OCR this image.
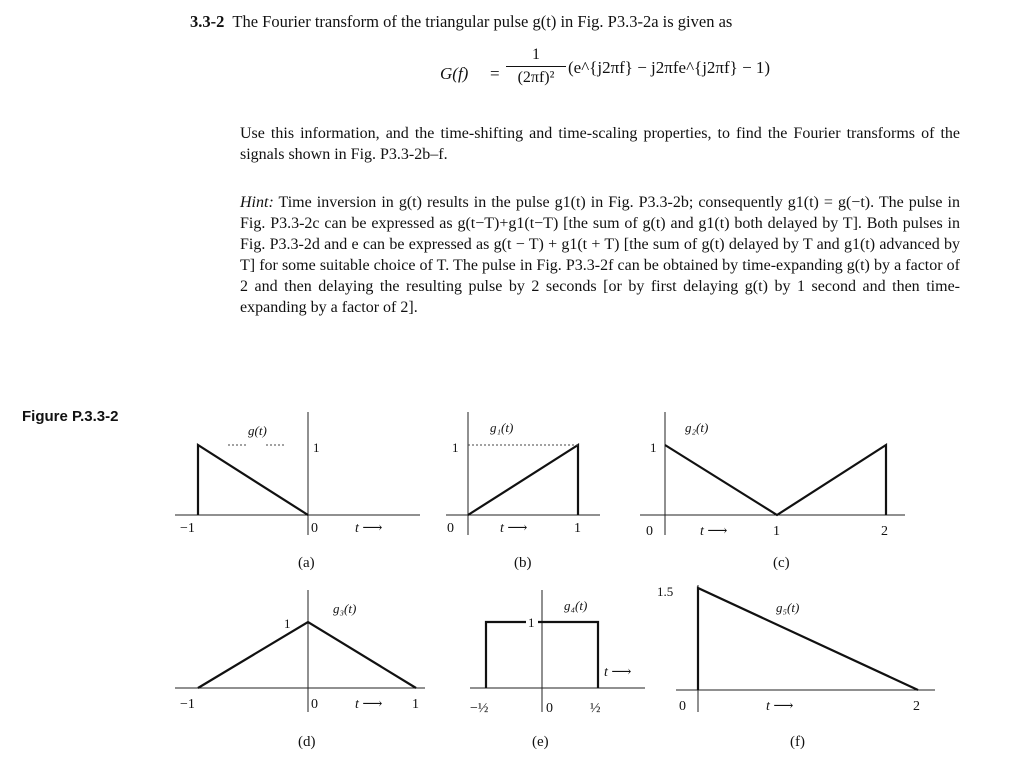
3.3-2 The Fourier transform of the triangular pulse g(t) in Fig. P3.3-2a is given as
G(f) =
1
(2πf)²
(e^{j2πf} − j2πfe^{j2πf} − 1)
Use this information, and the time-shifting and time-scaling properties, to find the Fourier transforms of the signals shown in Fig. P3.3-2b–f.
Hint: Time inversion in g(t) results in the pulse g1(t) in Fig. P3.3-2b; consequently g1(t) = g(−t). The pulse in Fig. P3.3-2c can be expressed as g(t−T)+g1(t−T) [the sum of g(t) and g1(t) both delayed by T]. Both pulses in Fig. P3.3-2d and e can be expressed as g(t − T) + g1(t + T) [the sum of g(t) delayed by T and g1(t) advanced by T] for some suitable choice of T. The pulse in Fig. P3.3-2f can be obtained by time-expanding g(t) by a factor of 2 and then delaying the resulting pulse by 2 seconds [or by first delaying g(t) by 1 second and then time-expanding by a factor of 2].
Figure P.3.3-2
g(t)
1
−1	0	t ⟶
(a)
g₁(t)
1
0	t ⟶	1
(b)
g₂(t)
1
0	t ⟶	1	2
(c)
g₃(t)
1
−1	0	t ⟶ 1
(d)
g₄(t)
1
t ⟶
−½	0	½
(e)
g₅(t)
1.5
0	t ⟶	2
(f)
